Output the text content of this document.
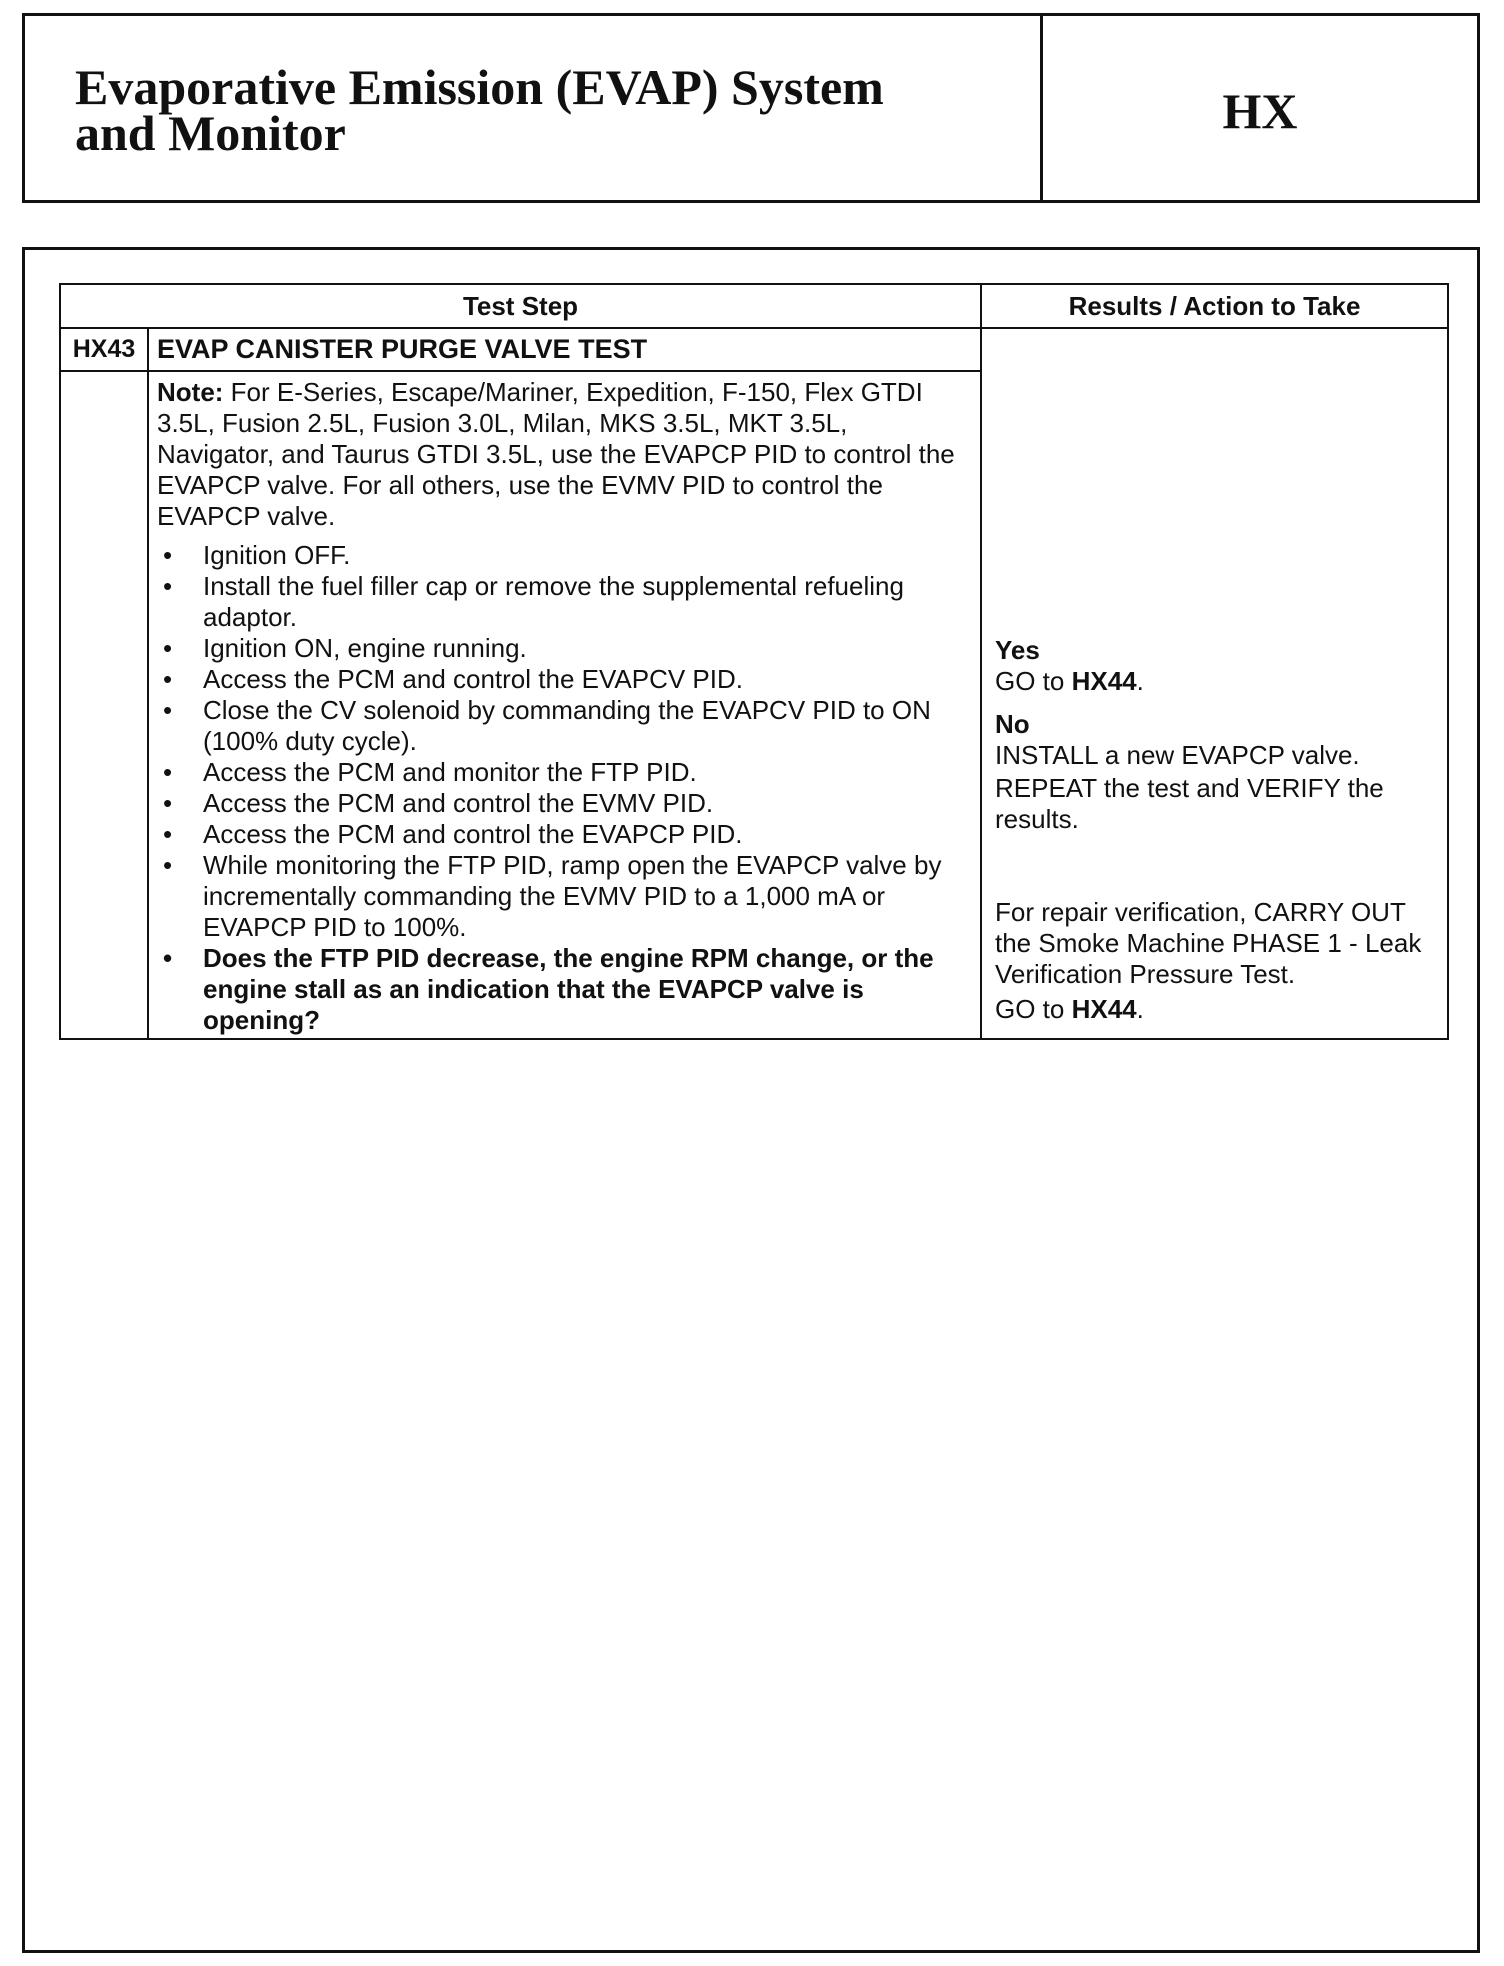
Evaporative Emission (EVAP) System
and Monitor	HX
Test Step	Results / Action to Take
HX43 EVAP CANISTER PURGE VALVE TEST

Note: For E-Series, Escape/Mariner, Expedition, F-150, Flex GTDI 3.5L, Fusion 2.5L, Fusion 3.0L, Milan, MKS 3.5L, MKT 3.5L, Navigator, and Taurus GTDI 3.5L, use the EVAPCP PID to control the EVAPCP valve. For all others, use the EVMV PID to control the EVAPCP valve.

• Ignition OFF.
• Install the fuel filler cap or remove the supplemental refueling adaptor.
• Ignition ON, engine running.
• Access the PCM and control the EVAPCV PID.
• Close the CV solenoid by commanding the EVAPCV PID to ON (100% duty cycle).
• Access the PCM and monitor the FTP PID.
• Access the PCM and control the EVMV PID.
• Access the PCM and control the EVAPCP PID.
• While monitoring the FTP PID, ramp open the EVAPCP valve by incrementally commanding the EVMV PID to a 1,000 mA or EVAPCP PID to 100%.
• Does the FTP PID decrease, the engine RPM change, or the engine stall as an indication that the EVAPCP valve is opening?
Yes
GO to HX44.
No
INSTALL a new EVAPCP valve.
REPEAT the test and VERIFY the results.
For repair verification, CARRY OUT the Smoke Machine PHASE 1 - Leak Verification Pressure Test.
GO to HX44.
